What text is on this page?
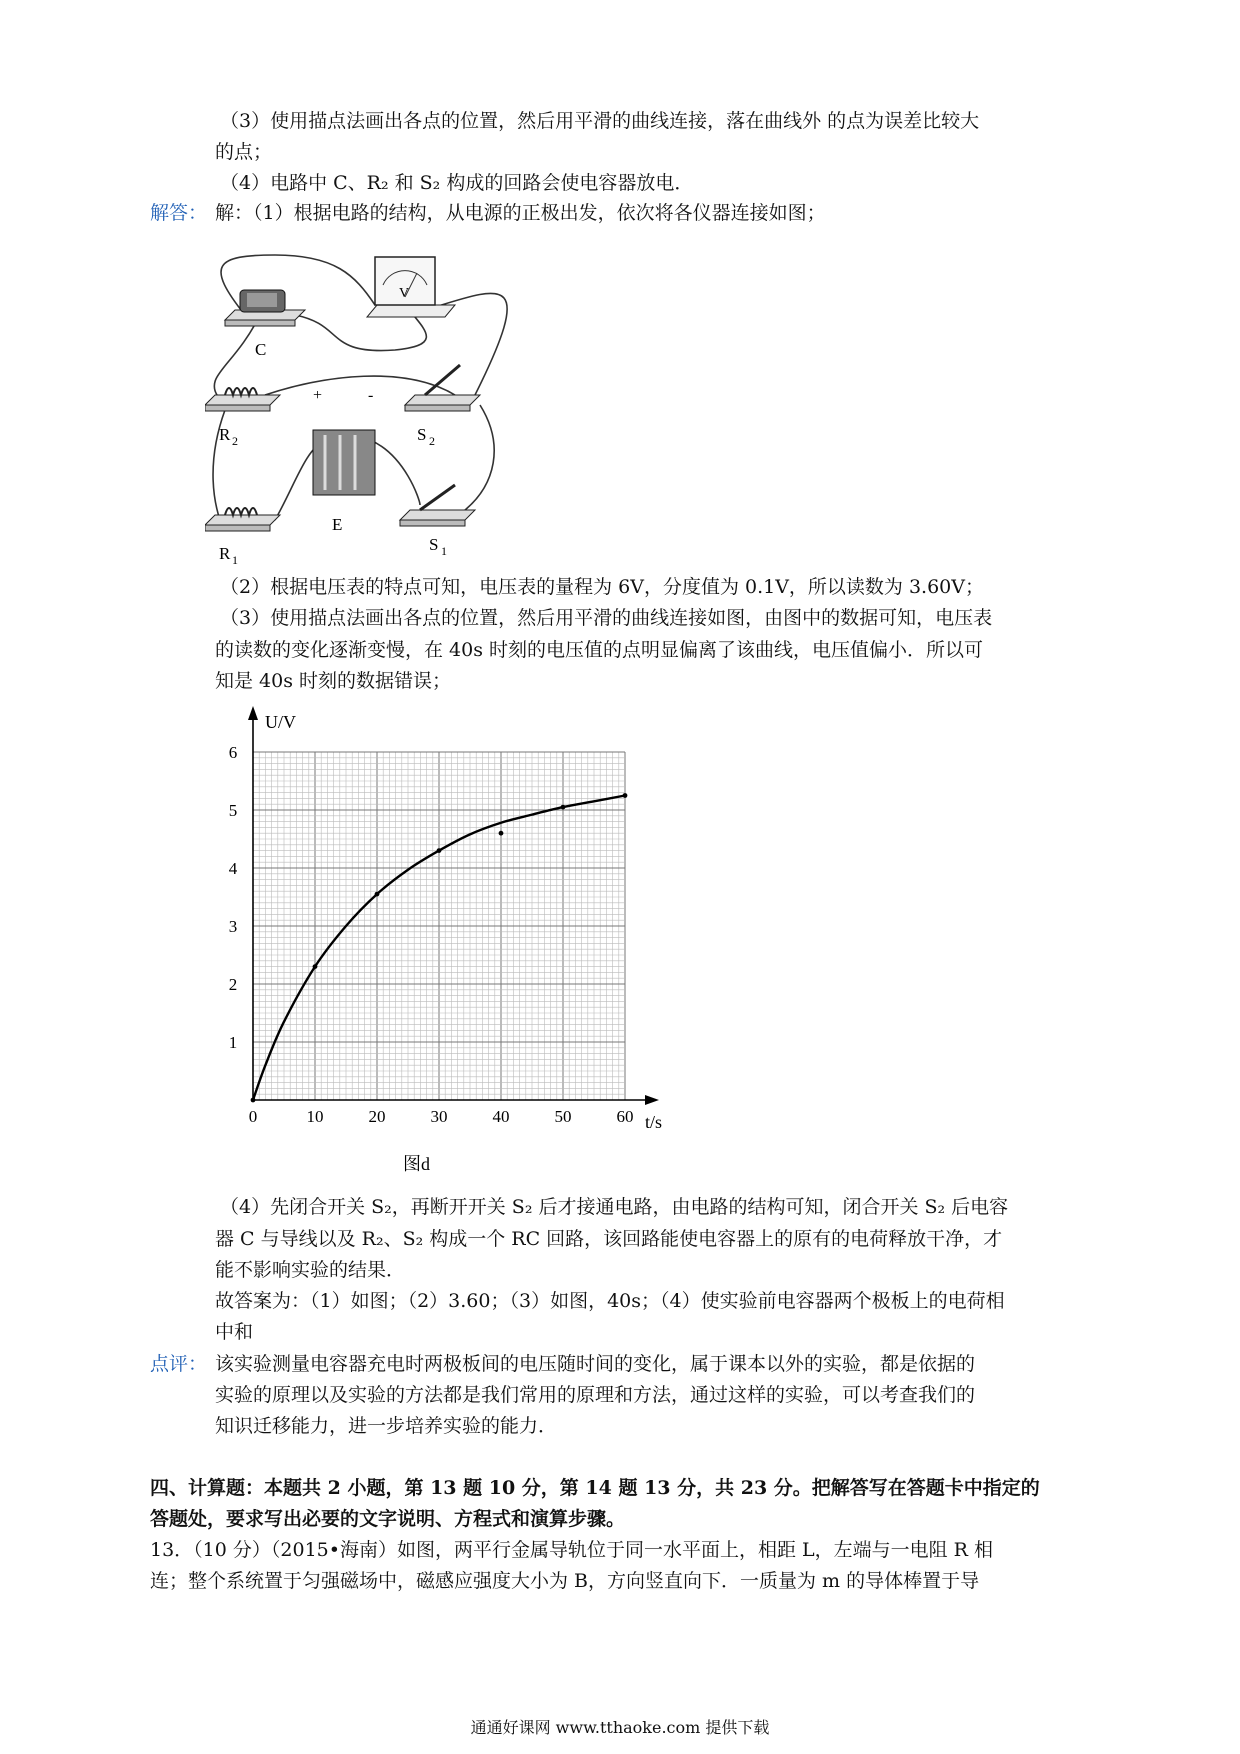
（3）使用描点法画出各点的位置，然后用平滑的曲线连接，落在曲线外 的点为误差比较大
的点；
（4）电路中 C、R₂ 和 S₂ 构成的回路会使电容器放电．
解答： 解：（1）根据电路的结构，从电源的正极出发，依次将各仪器连接如图；
C
V
R 2	S 2
+	-
E
R 1
S 1
（2）根据电压表的特点可知，电压表的量程为 6V，分度值为 0.1V，所以读数为 3.60V；
（3）使用描点法画出各点的位置，然后用平滑的曲线连接如图，由图中的数据可知，电压表
的读数的变化逐渐变慢，在 40s 时刻的电压值的点明显偏离了该曲线，电压值偏小．所以可
知是 40s 时刻的数据错误；
0	10	20	30	40	50	60
1
2
3
4
5
6
U/V
t/s
图d
（4）先闭合开关 S₂，再断开开关 S₂ 后才接通电路，由电路的结构可知，闭合开关 S₂ 后电容
器 C 与导线以及 R₂、S₂ 构成一个 RC 回路，该回路能使电容器上的原有的电荷释放干净，才
能不影响实验的结果．
故答案为：（1）如图；（2）3.60；（3）如图，40s；（4）使实验前电容器两个极板上的电荷相
中和
点评： 该实验测量电容器充电时两极板间的电压随时间的变化，属于课本以外的实验，都是依据的
实验的原理以及实验的方法都是我们常用的原理和方法，通过这样的实验，可以考查我们的
知识迁移能力，进一步培养实验的能力．
四、计算题：本题共 2 小题，第 13 题 10 分，第 14 题 13 分，共 23 分。把解答写在答题卡中指定的
答题处，要求写出必要的文字说明、方程式和演算步骤。
13．（10 分）（2015•海南）如图，两平行金属导轨位于同一水平面上，相距 L，左端与一电阻 R 相
连；整个系统置于匀强磁场中，磁感应强度大小为 B，方向竖直向下．一质量为 m 的导体棒置于导
通通好课网 www.tthaoke.com 提供下载
